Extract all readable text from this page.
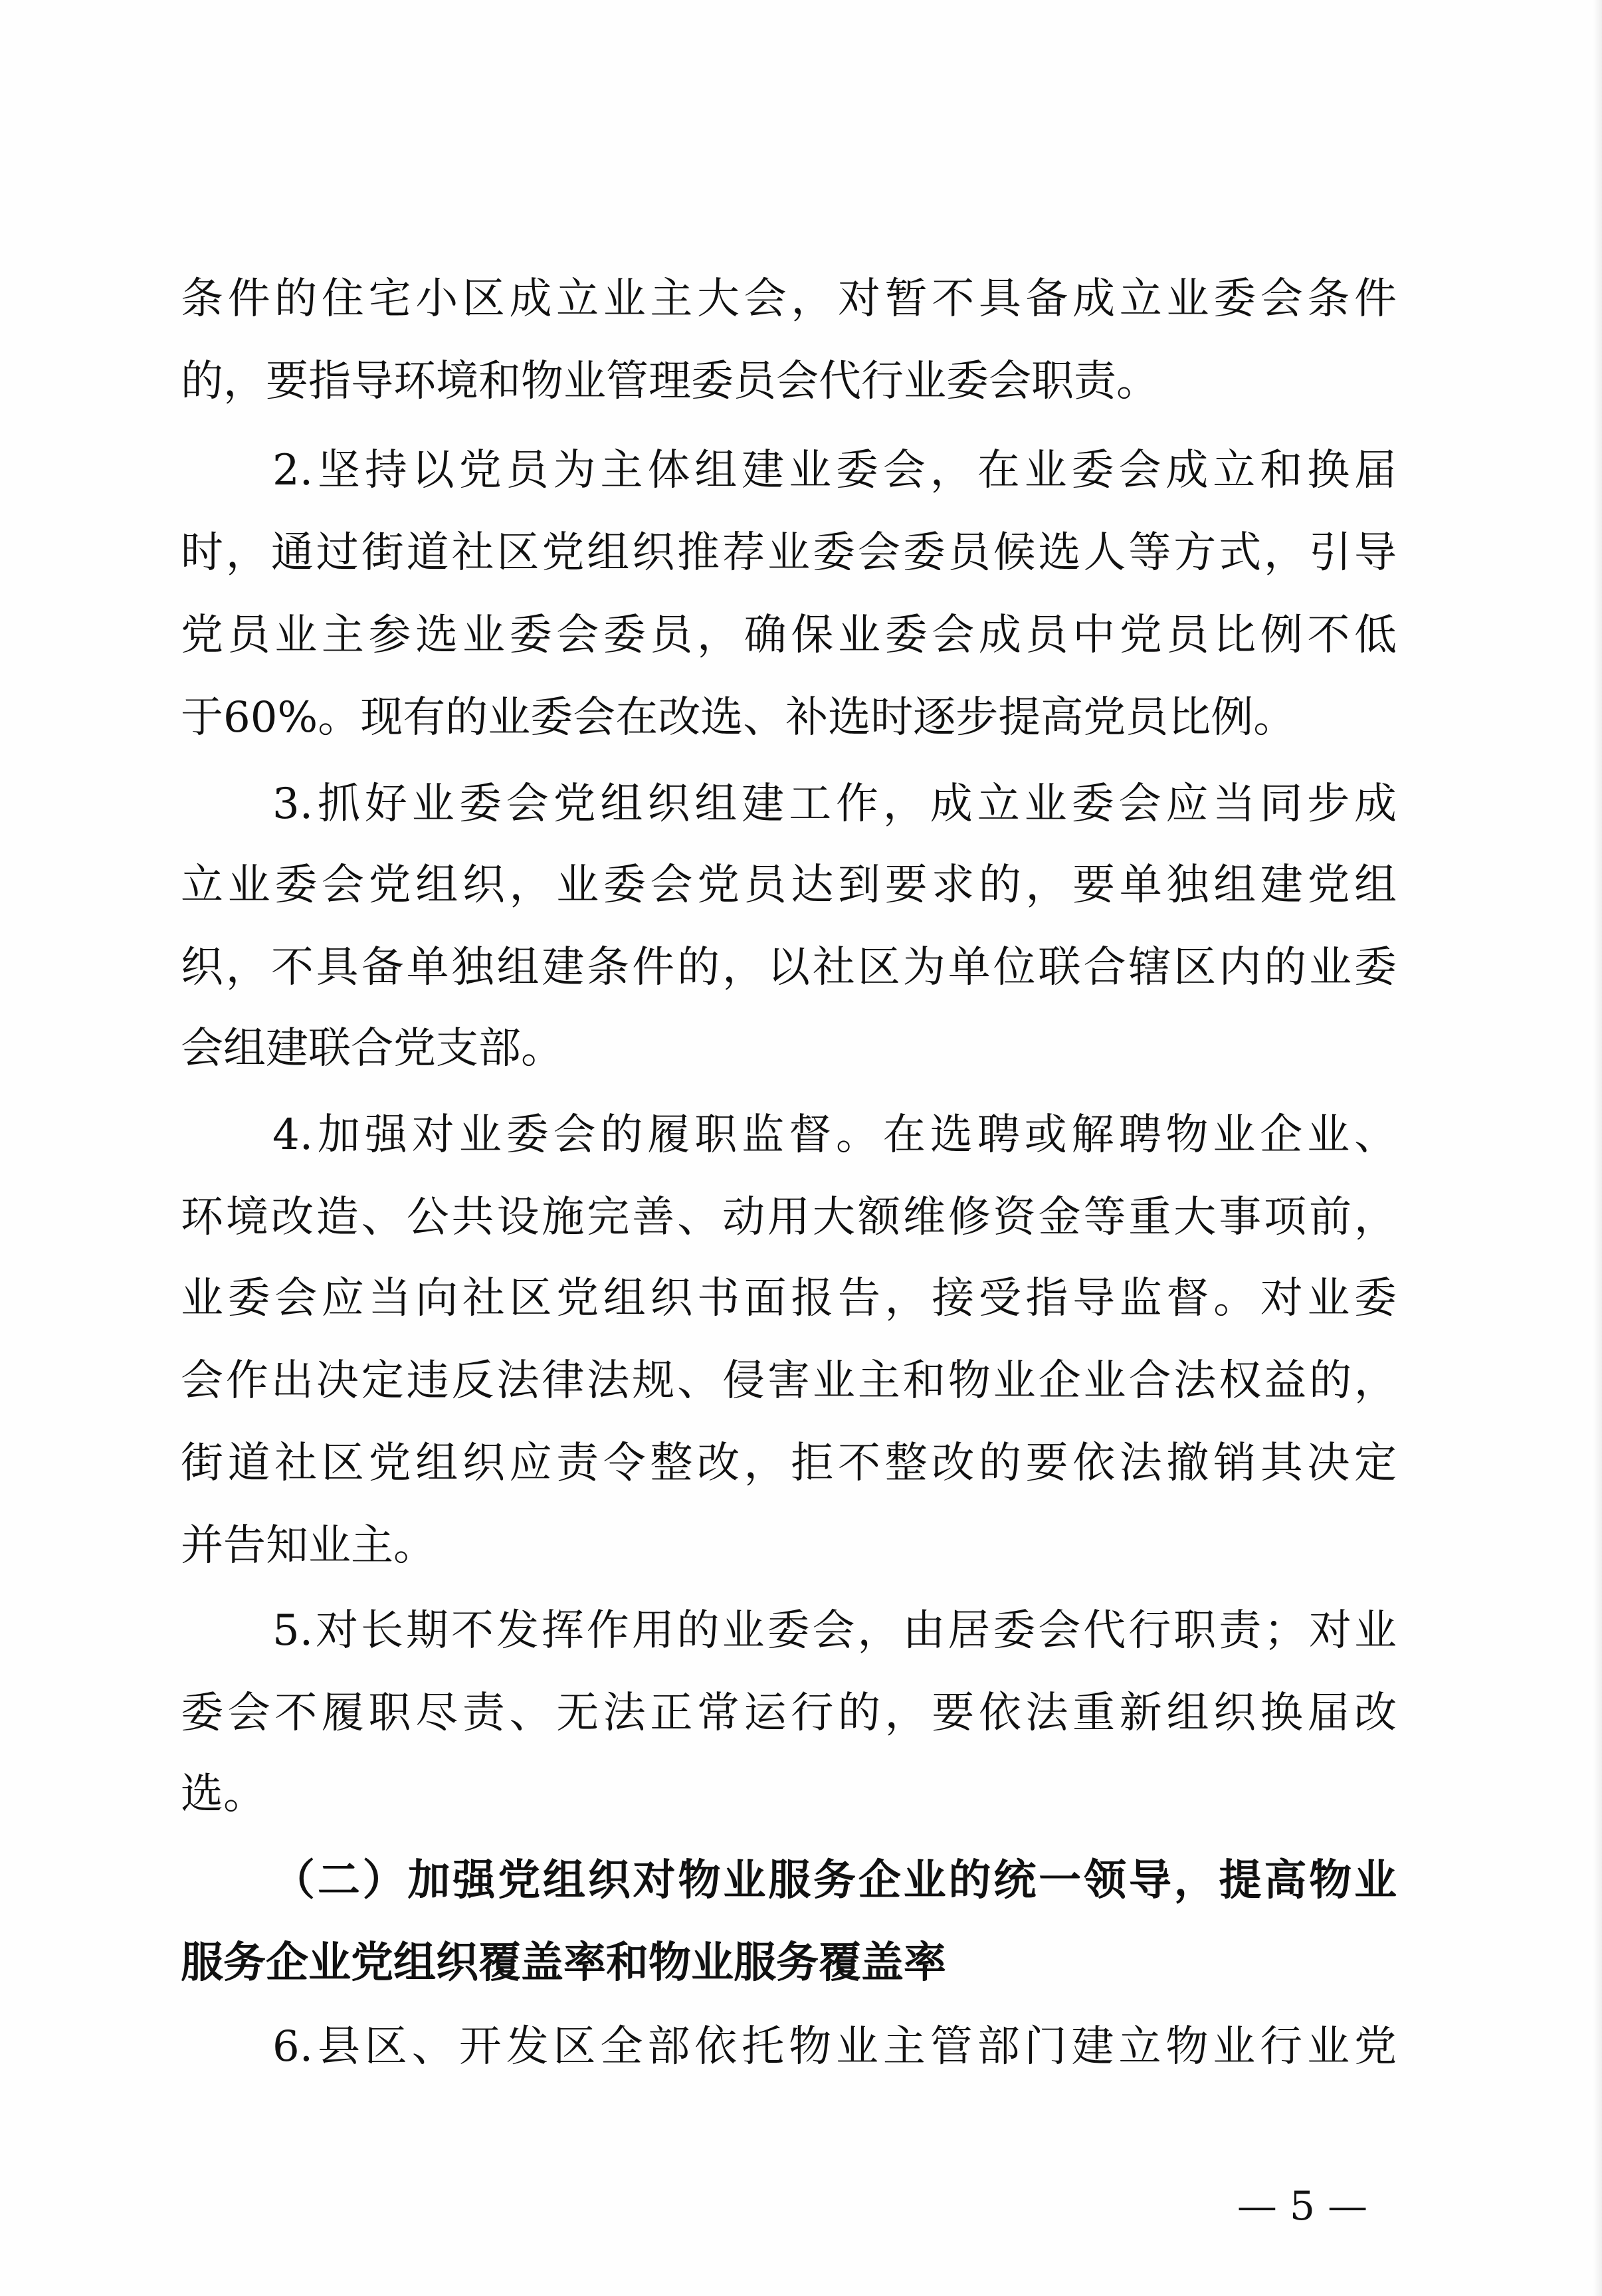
条件的住宅小区成立业主大会，对暂不具备成立业委会条件
的，要指导环境和物业管理委员会代行业委会职责。
2.坚持以党员为主体组建业委会，在业委会成立和换届
时，通过街道社区党组织推荐业委会委员候选人等方式，引导
党员业主参选业委会委员，确保业委会成员中党员比例不低
于60%。现有的业委会在改选、补选时逐步提高党员比例。
3.抓好业委会党组织组建工作，成立业委会应当同步成
立业委会党组织，业委会党员达到要求的，要单独组建党组
织，不具备单独组建条件的，以社区为单位联合辖区内的业委
会组建联合党支部。
4.加强对业委会的履职监督。在选聘或解聘物业企业、
环境改造、公共设施完善、动用大额维修资金等重大事项前，
业委会应当向社区党组织书面报告，接受指导监督。对业委
会作出决定违反法律法规、侵害业主和物业企业合法权益的，
街道社区党组织应责令整改，拒不整改的要依法撤销其决定
并告知业主。
5.对长期不发挥作用的业委会，由居委会代行职责；对业
委会不履职尽责、无法正常运行的，要依法重新组织换届改
选。
（二）加强党组织对物业服务企业的统一领导，提高物业
服务企业党组织覆盖率和物业服务覆盖率
6.县区、开发区全部依托物业主管部门建立物业行业党
— 5 —
